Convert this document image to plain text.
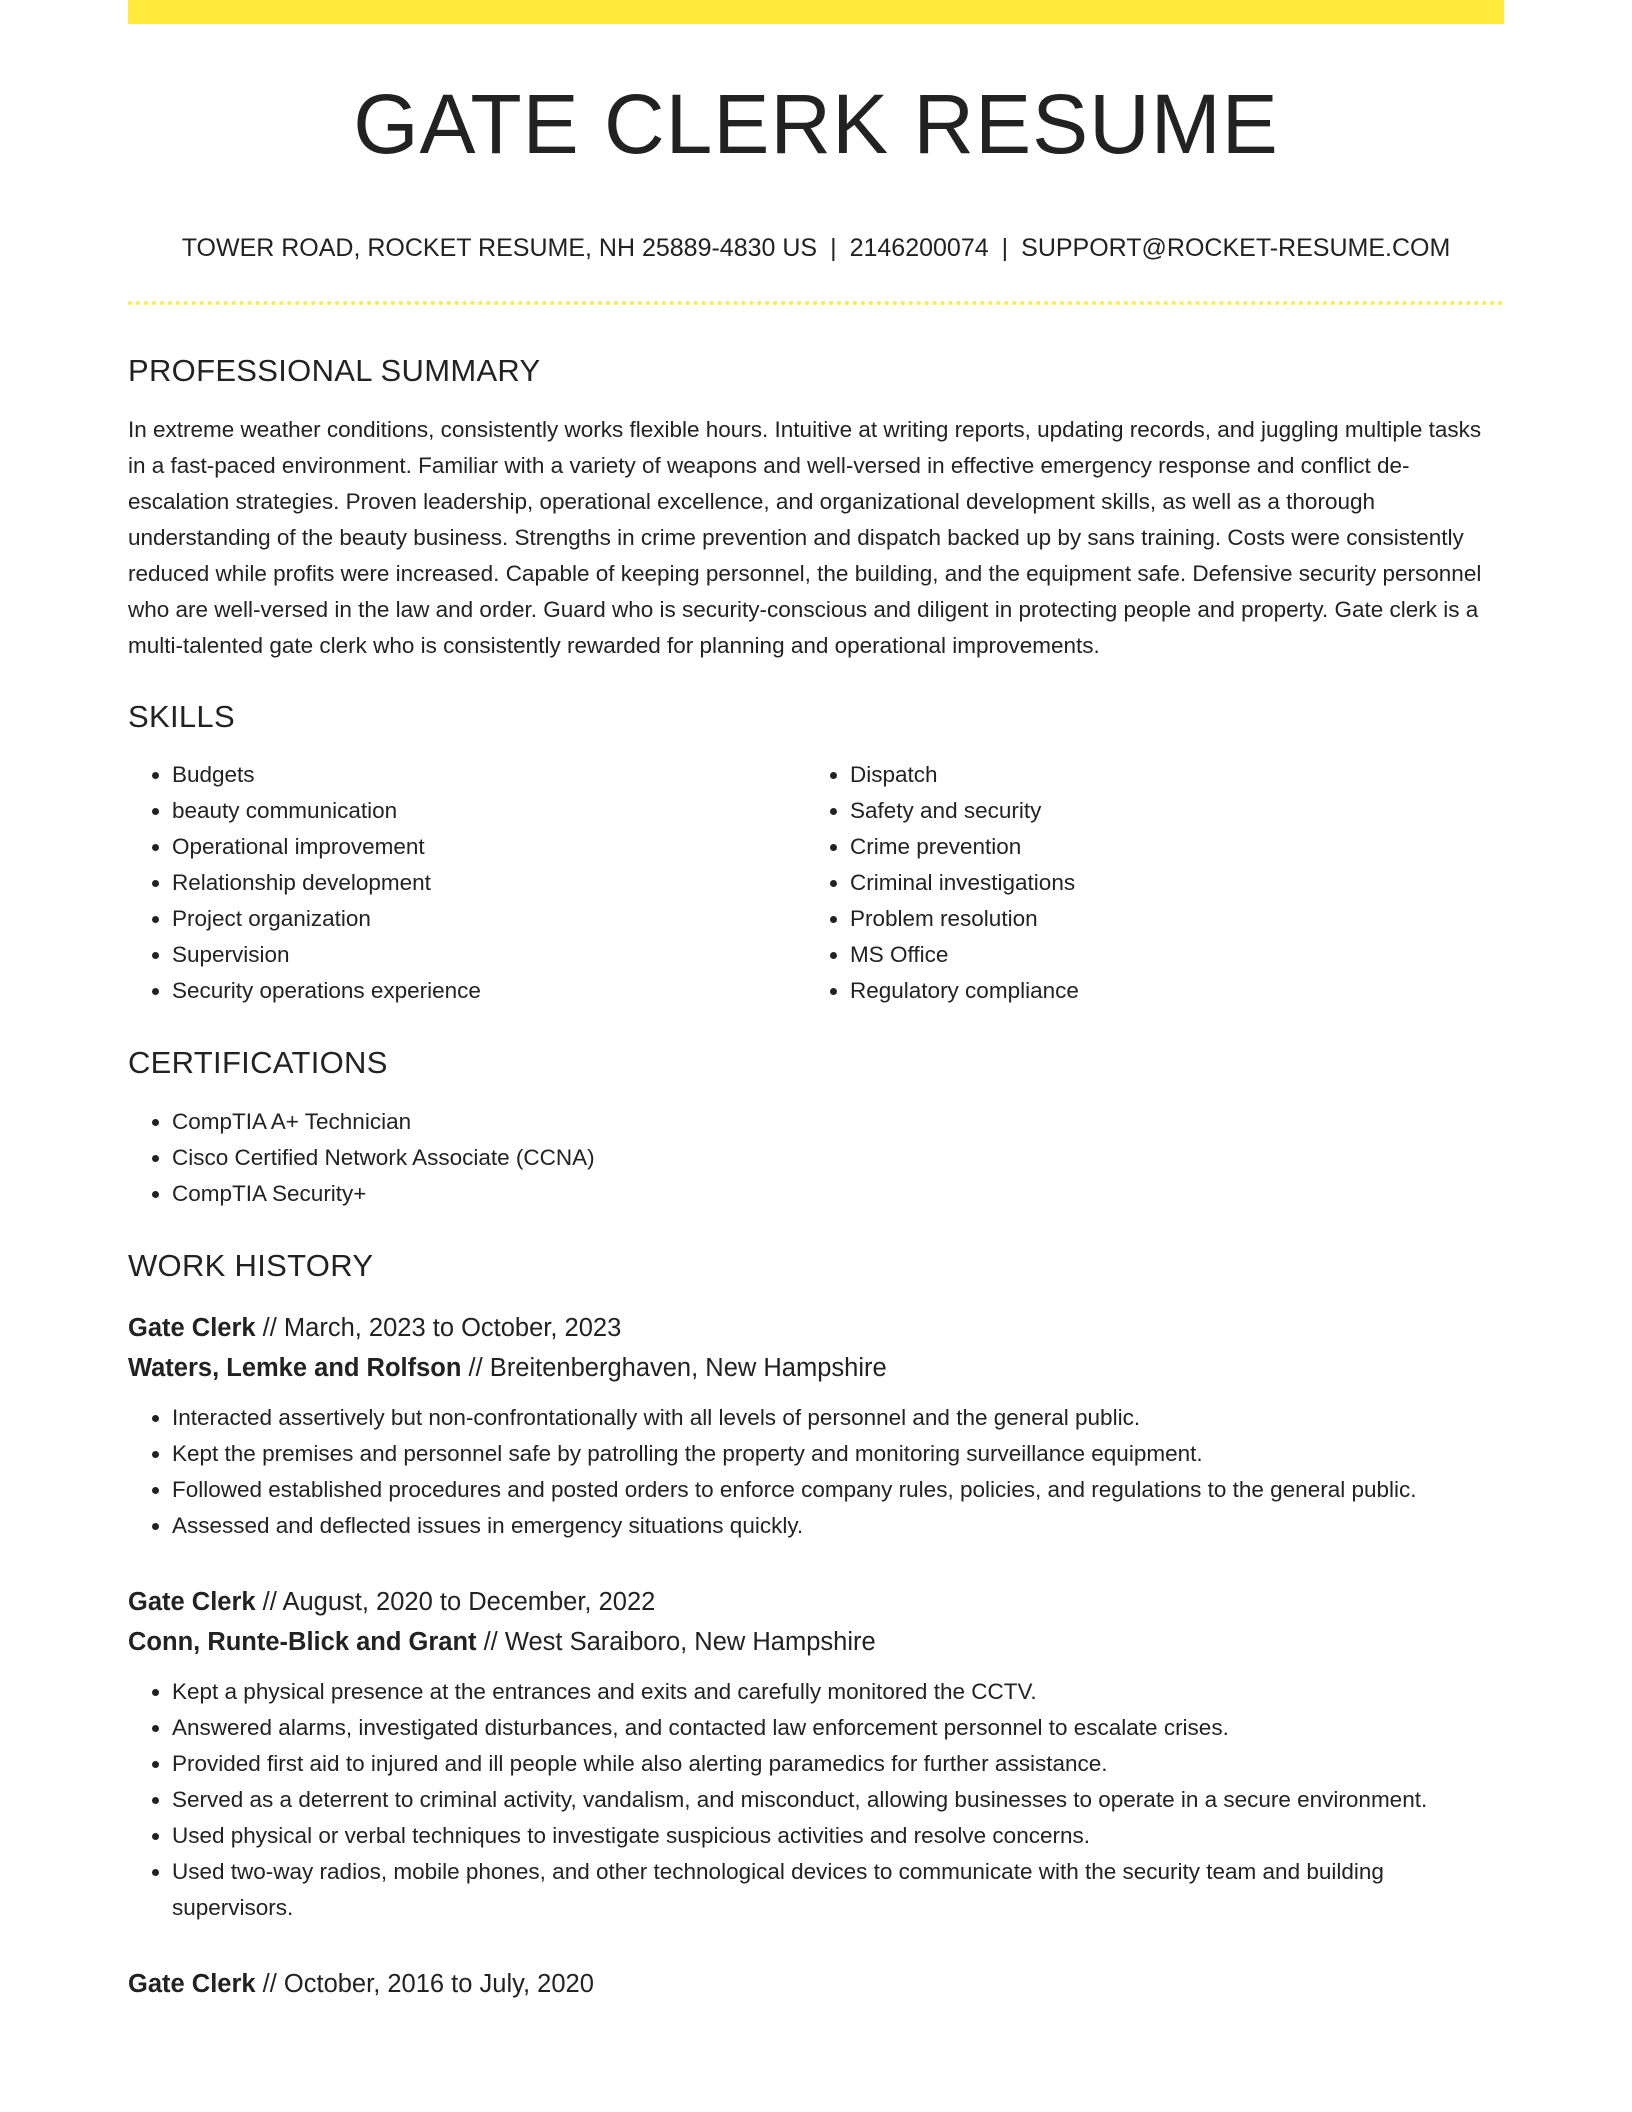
GATE CLERK RESUME
TOWER ROAD, ROCKET RESUME, NH 25889-4830 US | 2146200074 | SUPPORT@ROCKET-RESUME.COM
PROFESSIONAL SUMMARY

In extreme weather conditions, consistently works flexible hours. Intuitive at writing reports, updating records, and juggling multiple tasks in a fast-paced environment. Familiar with a variety of weapons and well-versed in effective emergency response and conflict de-escalation strategies. Proven leadership, operational excellence, and organizational development skills, as well as a thorough understanding of the beauty business. Strengths in crime prevention and dispatch backed up by sans training. Costs were consistently reduced while profits were increased. Capable of keeping personnel, the building, and the equipment safe. Defensive security personnel who are well-versed in the law and order. Guard who is security-conscious and diligent in protecting people and property. Gate clerk is a multi-talented gate clerk who is consistently rewarded for planning and operational improvements.

SKILLS
• Budgets
• beauty communication
• Operational improvement
• Relationship development
• Project organization
• Supervision
• Security operations experience
• Dispatch
• Safety and security
• Crime prevention
• Criminal investigations
• Problem resolution
• MS Office
• Regulatory compliance
CERTIFICATIONS
• CompTIA A+ Technician
• Cisco Certified Network Associate (CCNA)
• CompTIA Security+
WORK HISTORY
Gate Clerk // March, 2023 to October, 2023
Waters, Lemke and Rolfson // Breitenberghaven, New Hampshire
• Interacted assertively but non-confrontationally with all levels of personnel and the general public.
• Kept the premises and personnel safe by patrolling the property and monitoring surveillance equipment.
• Followed established procedures and posted orders to enforce company rules, policies, and regulations to the general public.
• Assessed and deflected issues in emergency situations quickly.
Gate Clerk // August, 2020 to December, 2022
Conn, Runte-Blick and Grant // West Saraiboro, New Hampshire
• Kept a physical presence at the entrances and exits and carefully monitored the CCTV.
• Answered alarms, investigated disturbances, and contacted law enforcement personnel to escalate crises.
• Provided first aid to injured and ill people while also alerting paramedics for further assistance.
• Served as a deterrent to criminal activity, vandalism, and misconduct, allowing businesses to operate in a secure environment.
• Used physical or verbal techniques to investigate suspicious activities and resolve concerns.
• Used two-way radios, mobile phones, and other technological devices to communicate with the security team and building supervisors.
Gate Clerk // October, 2016 to July, 2020
